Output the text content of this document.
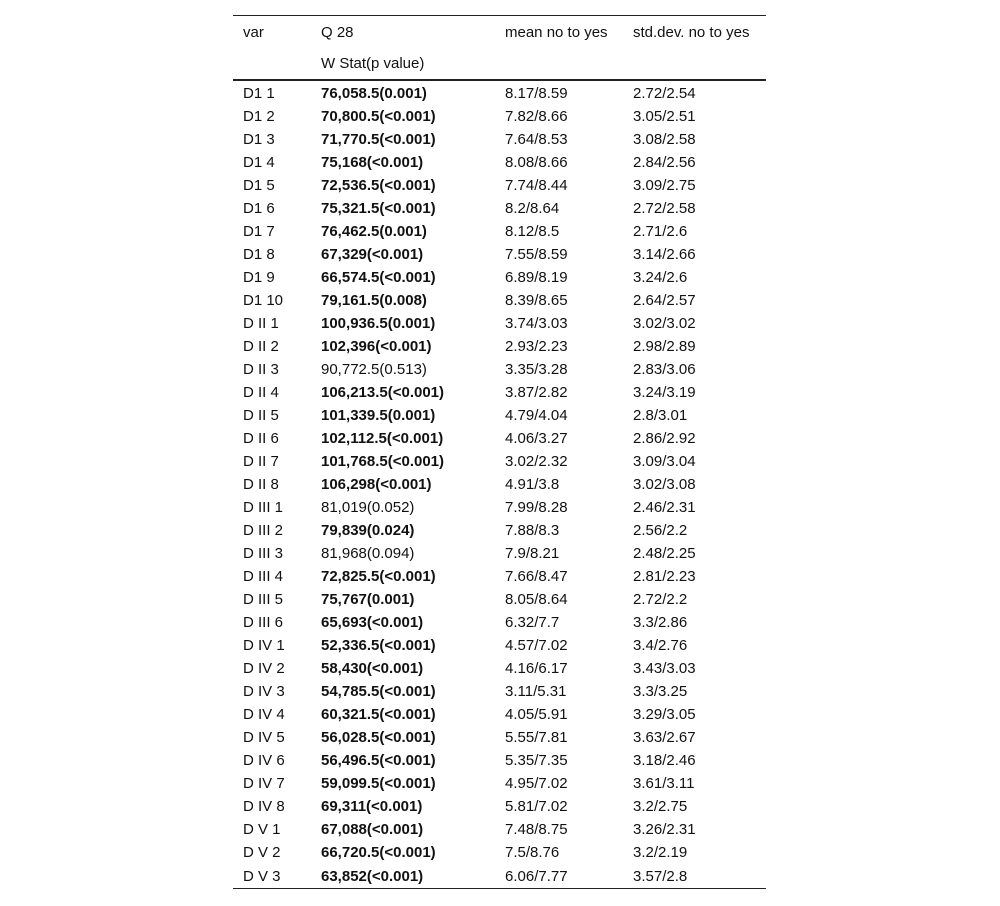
var	Q 28	mean no to yes	std.dev. no to yes
	W Stat(p value)		
D1 1	76,058.5(0.001)	8.17/8.59	2.72/2.54
D1 2	70,800.5(<0.001)	7.82/8.66	3.05/2.51
D1 3	71,770.5(<0.001)	7.64/8.53	3.08/2.58
D1 4	75,168(<0.001)	8.08/8.66	2.84/2.56
D1 5	72,536.5(<0.001)	7.74/8.44	3.09/2.75
D1 6	75,321.5(<0.001)	8.2/8.64	2.72/2.58
D1 7	76,462.5(0.001)	8.12/8.5	2.71/2.6
D1 8	67,329(<0.001)	7.55/8.59	3.14/2.66
D1 9	66,574.5(<0.001)	6.89/8.19	3.24/2.6
D1 10	79,161.5(0.008)	8.39/8.65	2.64/2.57
D II 1	100,936.5(0.001)	3.74/3.03	3.02/3.02
D II 2	102,396(<0.001)	2.93/2.23	2.98/2.89
D II 3	90,772.5(0.513)	3.35/3.28	2.83/3.06
D II 4	106,213.5(<0.001)	3.87/2.82	3.24/3.19
D II 5	101,339.5(0.001)	4.79/4.04	2.8/3.01
D II 6	102,112.5(<0.001)	4.06/3.27	2.86/2.92
D II 7	101,768.5(<0.001)	3.02/2.32	3.09/3.04
D II 8	106,298(<0.001)	4.91/3.8	3.02/3.08
D III 1	81,019(0.052)	7.99/8.28	2.46/2.31
D III 2	79,839(0.024)	7.88/8.3	2.56/2.2
D III 3	81,968(0.094)	7.9/8.21	2.48/2.25
D III 4	72,825.5(<0.001)	7.66/8.47	2.81/2.23
D III 5	75,767(0.001)	8.05/8.64	2.72/2.2
D III 6	65,693(<0.001)	6.32/7.7	3.3/2.86
D IV 1	52,336.5(<0.001)	4.57/7.02	3.4/2.76
D IV 2	58,430(<0.001)	4.16/6.17	3.43/3.03
D IV 3	54,785.5(<0.001)	3.11/5.31	3.3/3.25
D IV 4	60,321.5(<0.001)	4.05/5.91	3.29/3.05
D IV 5	56,028.5(<0.001)	5.55/7.81	3.63/2.67
D IV 6	56,496.5(<0.001)	5.35/7.35	3.18/2.46
D IV 7	59,099.5(<0.001)	4.95/7.02	3.61/3.11
D IV 8	69,311(<0.001)	5.81/7.02	3.2/2.75
D V 1	67,088(<0.001)	7.48/8.75	3.26/2.31
D V 2	66,720.5(<0.001)	7.5/8.76	3.2/2.19
D V 3	63,852(<0.001)	6.06/7.77	3.57/2.8
